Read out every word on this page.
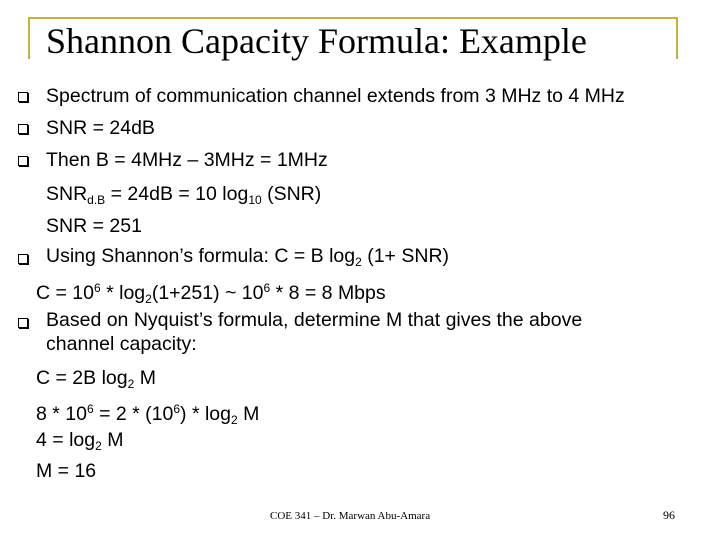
Shannon Capacity Formula: Example
Spectrum of communication channel extends from 3 MHz to 4 MHz
SNR = 24dB
Then B = 4MHz – 3MHz = 1MHz
$SNR_{d.B} = 24dB = 10$ $\log_{10} (SNR)$
SNR = 251
Using Shannon’s formula: C = B $\log_2 (1+ SNR)$
$C = 10^6 * \log_2(1+251)$ ~ $10^6 * 8 = 8$ Mbps
Based on Nyquist’s formula, determine M that gives the above
channel capacity:
C = 2B $\log_2 M$
$8 * 10^6 = 2 * (10^6) * \log_2 M$
$4 = \log_2 M$
M = 16
COE 341 – Dr. Marwan Abu-Amara	96
